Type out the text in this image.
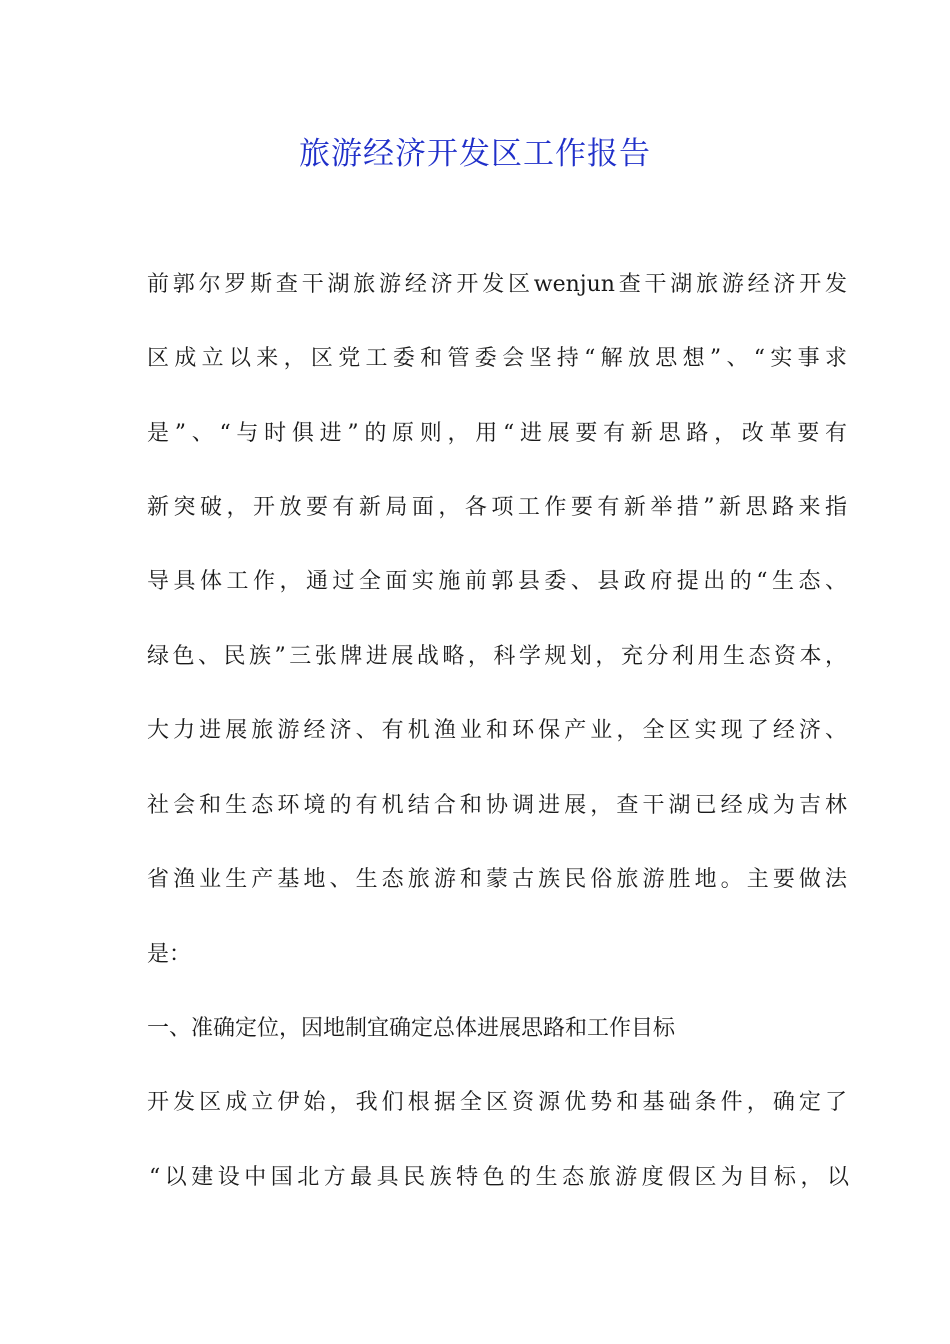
旅游经济开发区工作报告
前郭尔罗斯查干湖旅游经济开发区wenjun查干湖旅游经济开发
区成立以来，区党工委和管委会坚持“解放思想”、“实事求
是”、“与时俱进”的原则，用“进展要有新思路，改革要有
新突破，开放要有新局面，各项工作要有新举措”新思路来指
导具体工作，通过全面实施前郭县委、县政府提出的“生态、
绿色、民族”三张牌进展战略，科学规划，充分利用生态资本，
大力进展旅游经济、有机渔业和环保产业，全区实现了经济、
社会和生态环境的有机结合和协调进展，查干湖已经成为吉林
省渔业生产基地、生态旅游和蒙古族民俗旅游胜地。主要做法
是：
一、准确定位，因地制宜确定总体进展思路和工作目标
开发区成立伊始，我们根据全区资源优势和基础条件，确定了
“以建设中国北方最具民族特色的生态旅游度假区为目标，以
